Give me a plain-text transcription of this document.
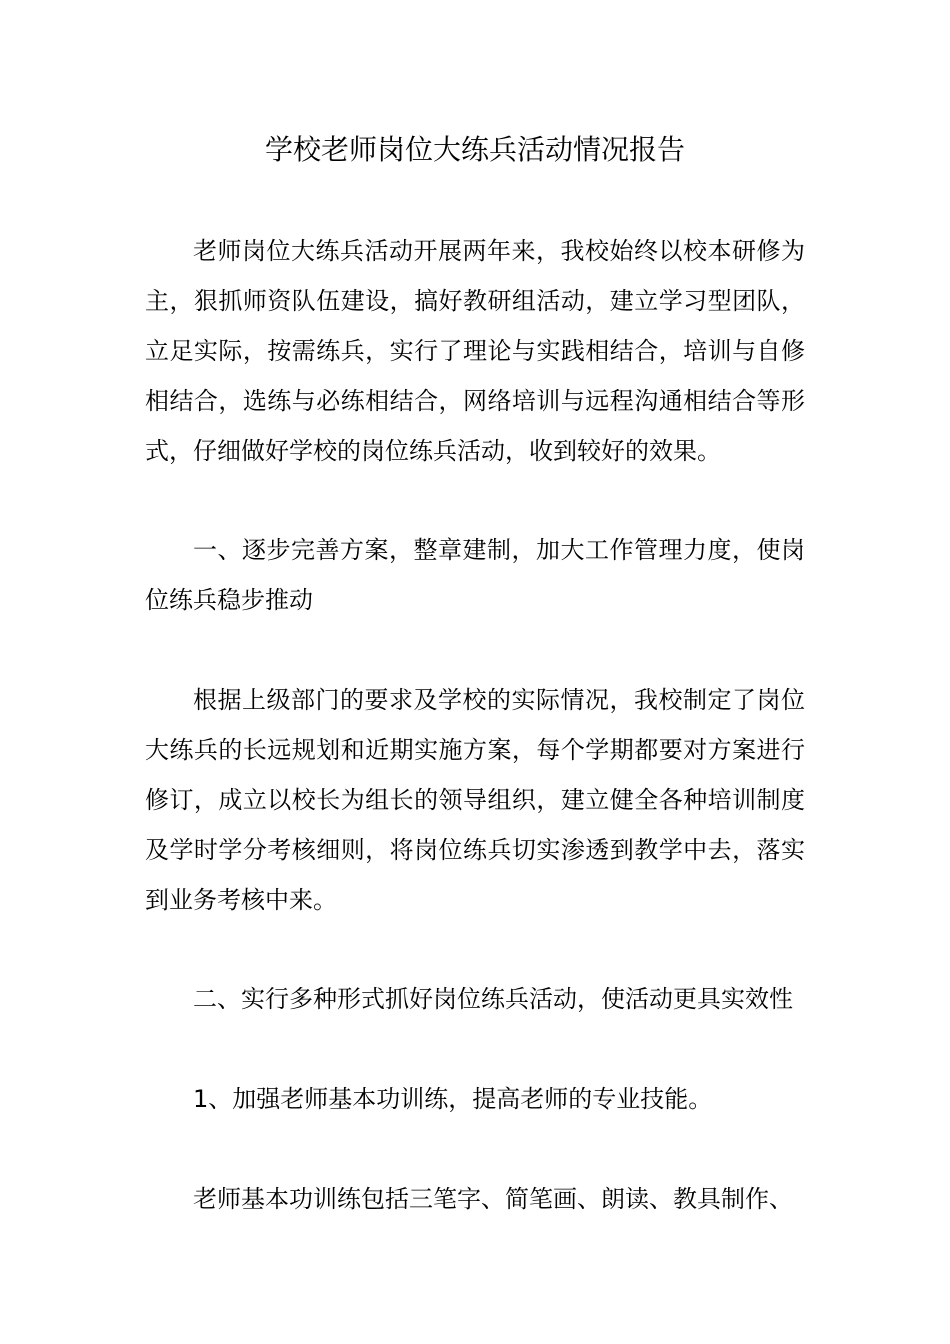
学校老师岗位大练兵活动情况报告

老师岗位大练兵活动开展两年来，我校始终以校本研修为主，狠抓师资队伍建设，搞好教研组活动，建立学习型团队，立足实际，按需练兵，实行了理论与实践相结合，培训与自修相结合，选练与必练相结合，网络培训与远程沟通相结合等形式，仔细做好学校的岗位练兵活动，收到较好的效果。

一、逐步完善方案，整章建制，加大工作管理力度，使岗位练兵稳步推动

根据上级部门的要求及学校的实际情况，我校制定了岗位大练兵的长远规划和近期实施方案，每个学期都要对方案进行修订，成立以校长为组长的领导组织，建立健全各种培训制度及学时学分考核细则，将岗位练兵切实渗透到教学中去，落实到业务考核中来。

二、实行多种形式抓好岗位练兵活动，使活动更具实效性

1、加强老师基本功训练，提高老师的专业技能。

老师基本功训练包括三笔字、简笔画、朗读、教具制作、
